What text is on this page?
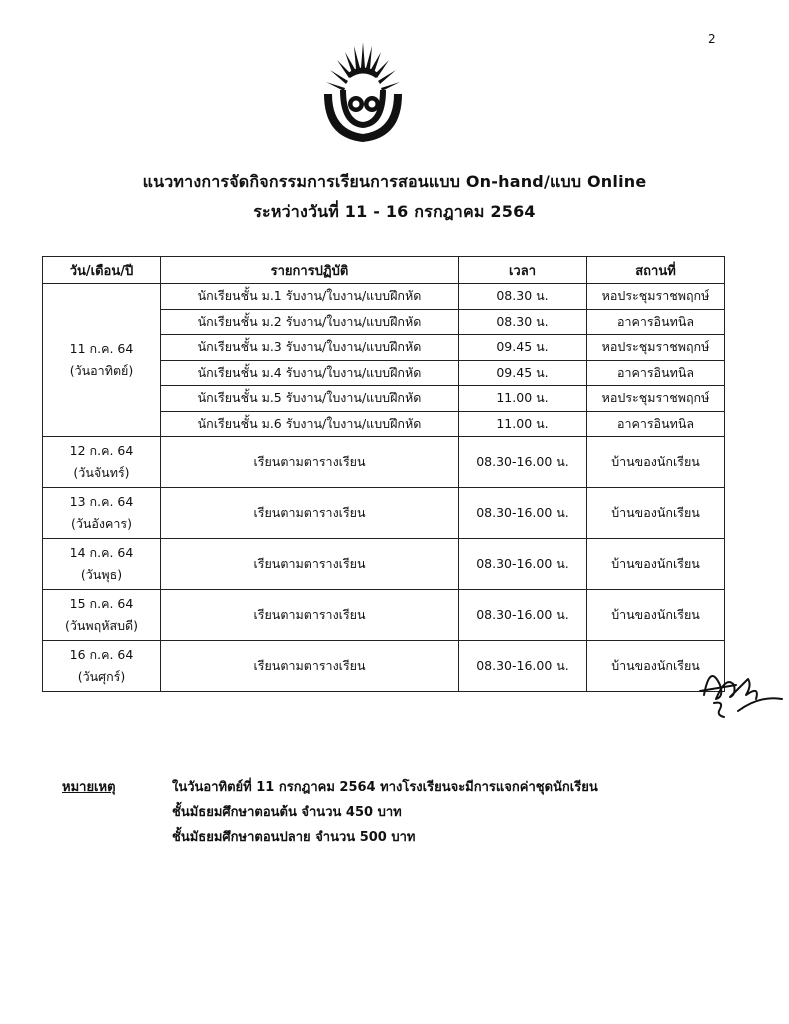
2
แนวทางการจัดกิจกรรมการเรียนการสอนแบบ On-hand/แบบ Online
ระหว่างวันที่ 11 - 16 กรกฎาคม 2564
วัน/เดือน/ปี	รายการปฏิบัติ	เวลา	สถานที่

11 ก.ค. 64
(วันอาทิตย์)	นักเรียนชั้น ม.1 รับงาน/ใบงาน/แบบฝึกหัด	08.30 น.	หอประชุมราชพฤกษ์
	นักเรียนชั้น ม.2 รับงาน/ใบงาน/แบบฝึกหัด	08.30 น.	อาคารอินทนิล
	นักเรียนชั้น ม.3 รับงาน/ใบงาน/แบบฝึกหัด	09.45 น.	หอประชุมราชพฤกษ์
	นักเรียนชั้น ม.4 รับงาน/ใบงาน/แบบฝึกหัด	09.45 น.	อาคารอินทนิล
	นักเรียนชั้น ม.5 รับงาน/ใบงาน/แบบฝึกหัด	11.00 น.	หอประชุมราชพฤกษ์
	นักเรียนชั้น ม.6 รับงาน/ใบงาน/แบบฝึกหัด	11.00 น.	อาคารอินทนิล

12 ก.ค. 64
(วันจันทร์)	เรียนตามตารางเรียน	08.30-16.00 น.	บ้านของนักเรียน

13 ก.ค. 64
(วันอังคาร)	เรียนตามตารางเรียน	08.30-16.00 น.	บ้านของนักเรียน

14 ก.ค. 64
(วันพุธ)	เรียนตามตารางเรียน	08.30-16.00 น.	บ้านของนักเรียน

15 ก.ค. 64
(วันพฤหัสบดี)	เรียนตามตารางเรียน	08.30-16.00 น.	บ้านของนักเรียน

16 ก.ค. 64
(วันศุกร์)	เรียนตามตารางเรียน	08.30-16.00 น.	บ้านของนักเรียน
หมายเหตุ	ในวันอาทิตย์ที่ 11 กรกฎาคม 2564 ทางโรงเรียนจะมีการแจกค่าชุดนักเรียน
ชั้นมัธยมศึกษาตอนต้น จำนวน 450 บาท
ชั้นมัธยมศึกษาตอนปลาย จำนวน 500 บาท
